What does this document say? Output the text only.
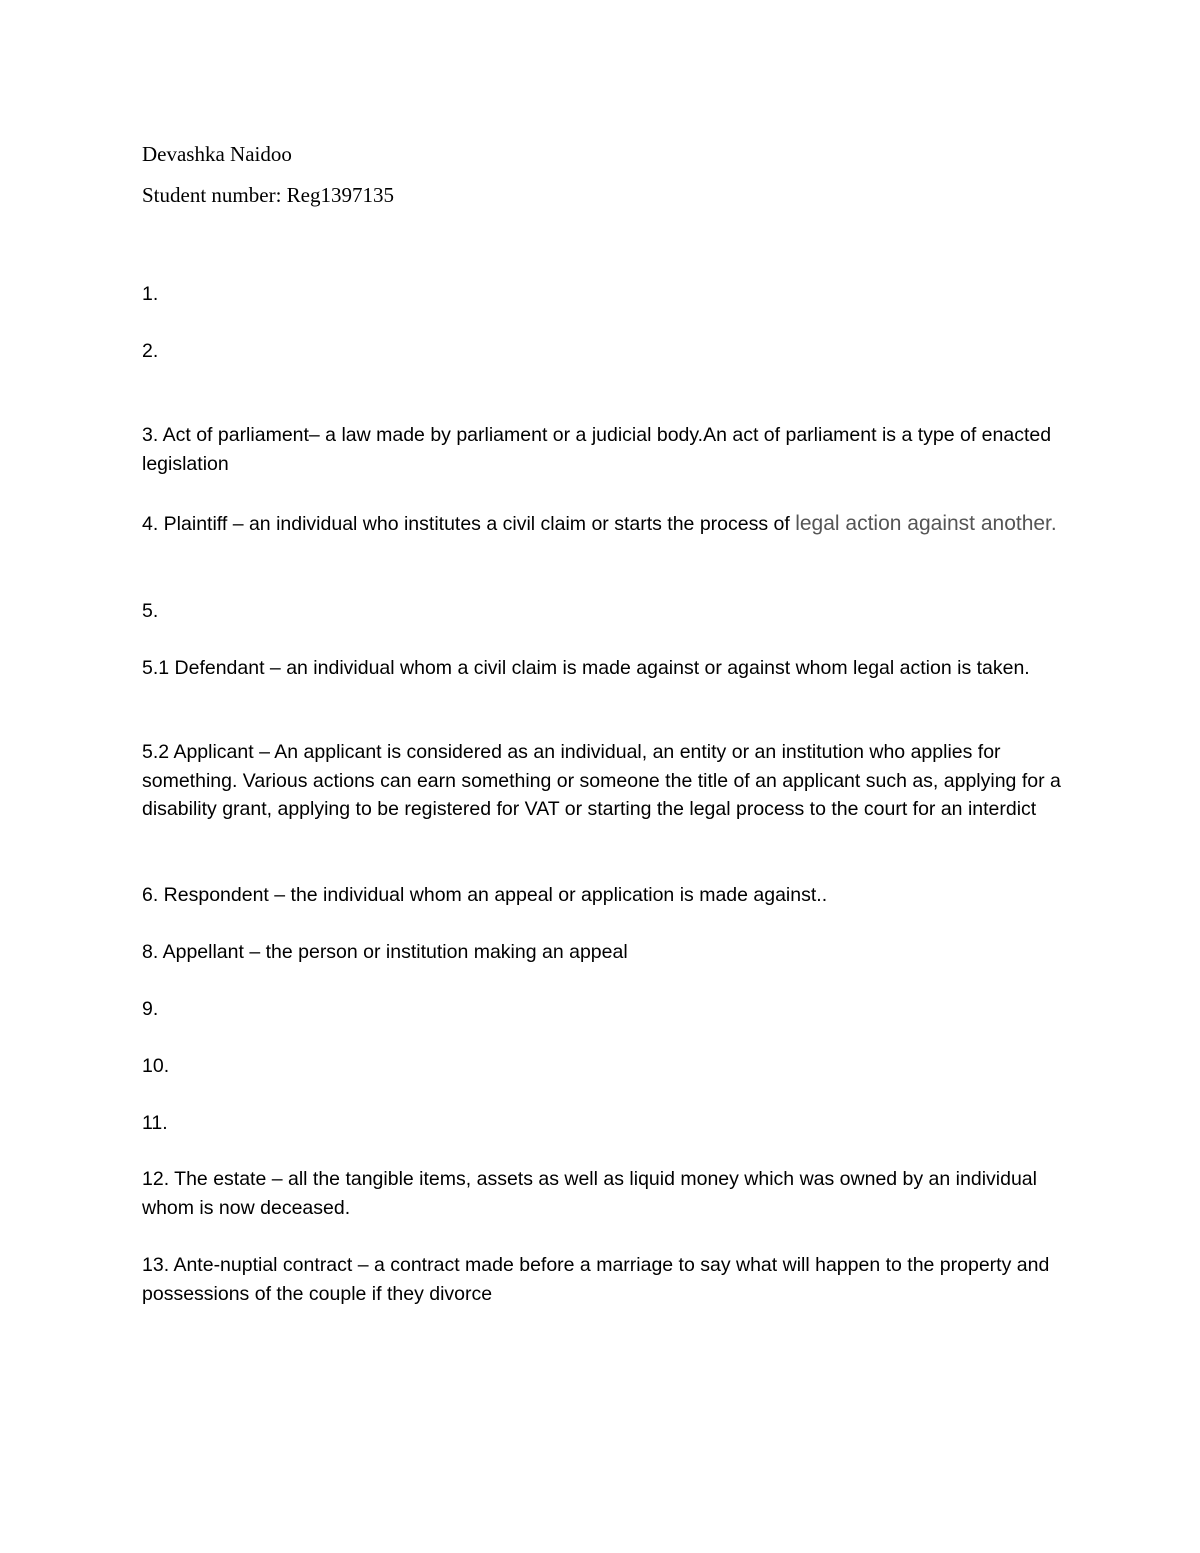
Devashka Naidoo
Student number: Reg1397135

1.

2.

3. Act of parliament– a law made by parliament or a judicial body.An act of parliament is a type of enacted legislation

4. Plaintiff – an individual who institutes a civil claim or starts the process of legal action against another.

5.

5.1 Defendant – an individual whom a civil claim is made against or against whom legal action is taken.

5.2 Applicant – An applicant is considered as an individual, an entity or an institution who applies for something. Various actions can earn something or someone the title of an applicant such as, applying for a disability grant, applying to be registered for VAT or starting the legal process to the court for an interdict

6. Respondent – the individual whom an appeal or application is made against..

8. Appellant – the person or institution making an appeal

9.

10.

11.

12. The estate – all the tangible items, assets as well as liquid money which was owned by an individual whom is now deceased.

13. Ante-nuptial contract – a contract made before a marriage to say what will happen to the property and possessions of the couple if they divorce
